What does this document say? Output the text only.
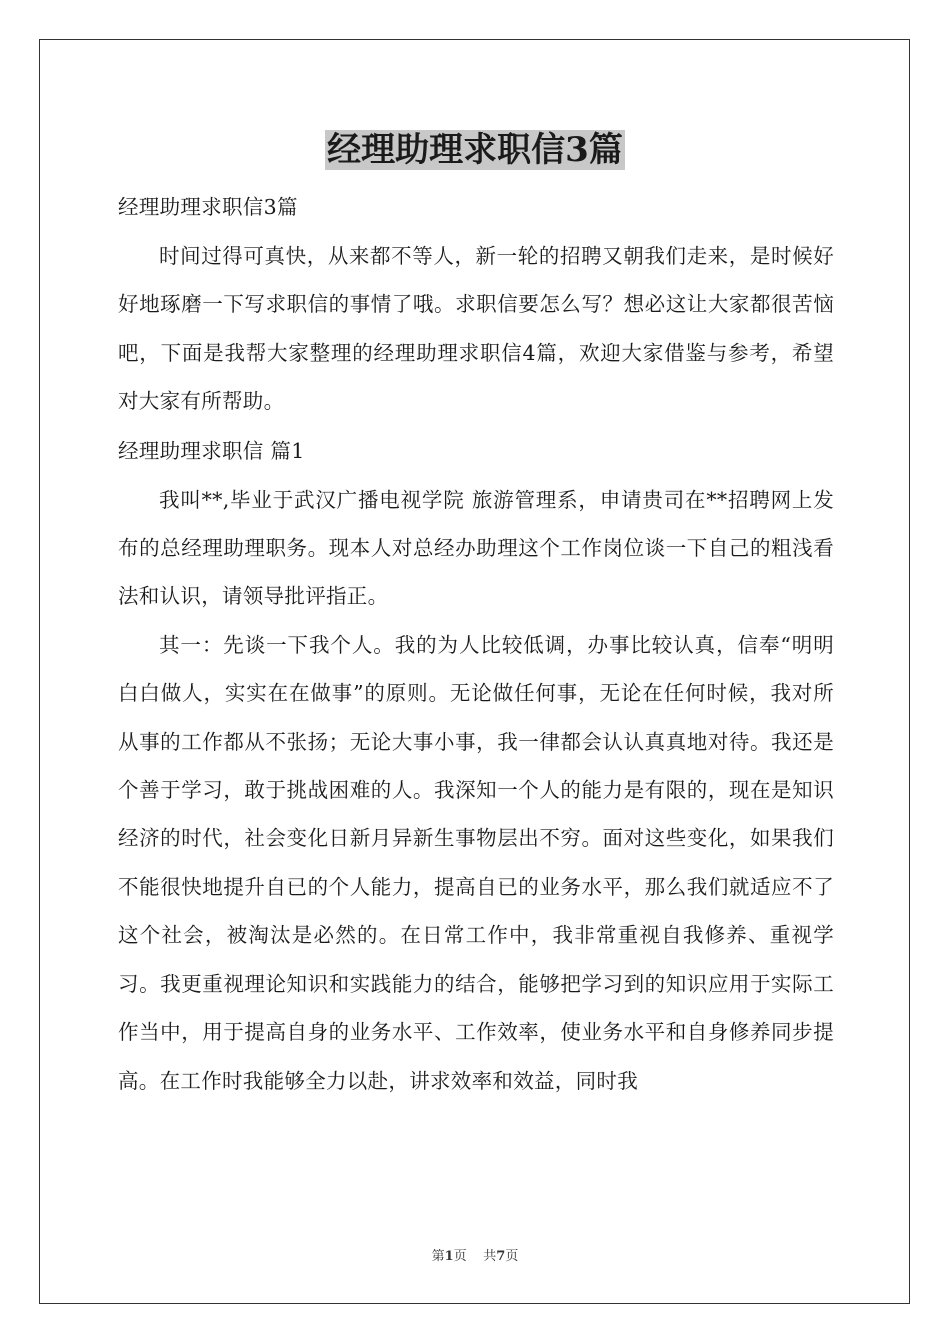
经理助理求职信3篇

经理助理求职信3篇

时间过得可真快，从来都不等人，新一轮的招聘又朝我们走来，是时候好好地琢磨一下写求职信的事情了哦。求职信要怎么写？想必这让大家都很苦恼吧，下面是我帮大家整理的经理助理求职信4篇，欢迎大家借鉴与参考，希望对大家有所帮助。

经理助理求职信 篇1

我叫**,毕业于武汉广播电视学院 旅游管理系，申请贵司在**招聘网上发布的总经理助理职务。现本人对总经办助理这个工作岗位谈一下自己的粗浅看法和认识，请领导批评指正。

其一：先谈一下我个人。我的为人比较低调，办事比较认真，信奉“明明白白做人，实实在在做事”的原则。无论做任何事，无论在任何时候，我对所从事的工作都从不张扬；无论大事小事，我一律都会认认真真地对待。我还是个善于学习，敢于挑战困难的人。我深知一个人的能力是有限的，现在是知识经济的时代，社会变化日新月异新生事物层出不穷。面对这些变化，如果我们不能很快地提升自已的个人能力，提高自已的业务水平，那么我们就适应不了这个社会，被淘汰是必然的。在日常工作中，我非常重视自我修养、重视学习。我更重视理论知识和实践能力的结合，能够把学习到的知识应用于实际工作当中，用于提高自身的业务水平、工作效率，使业务水平和自身修养同步提高。在工作时我能够全力以赴，讲求效率和效益，同时我

第1页 共7页
